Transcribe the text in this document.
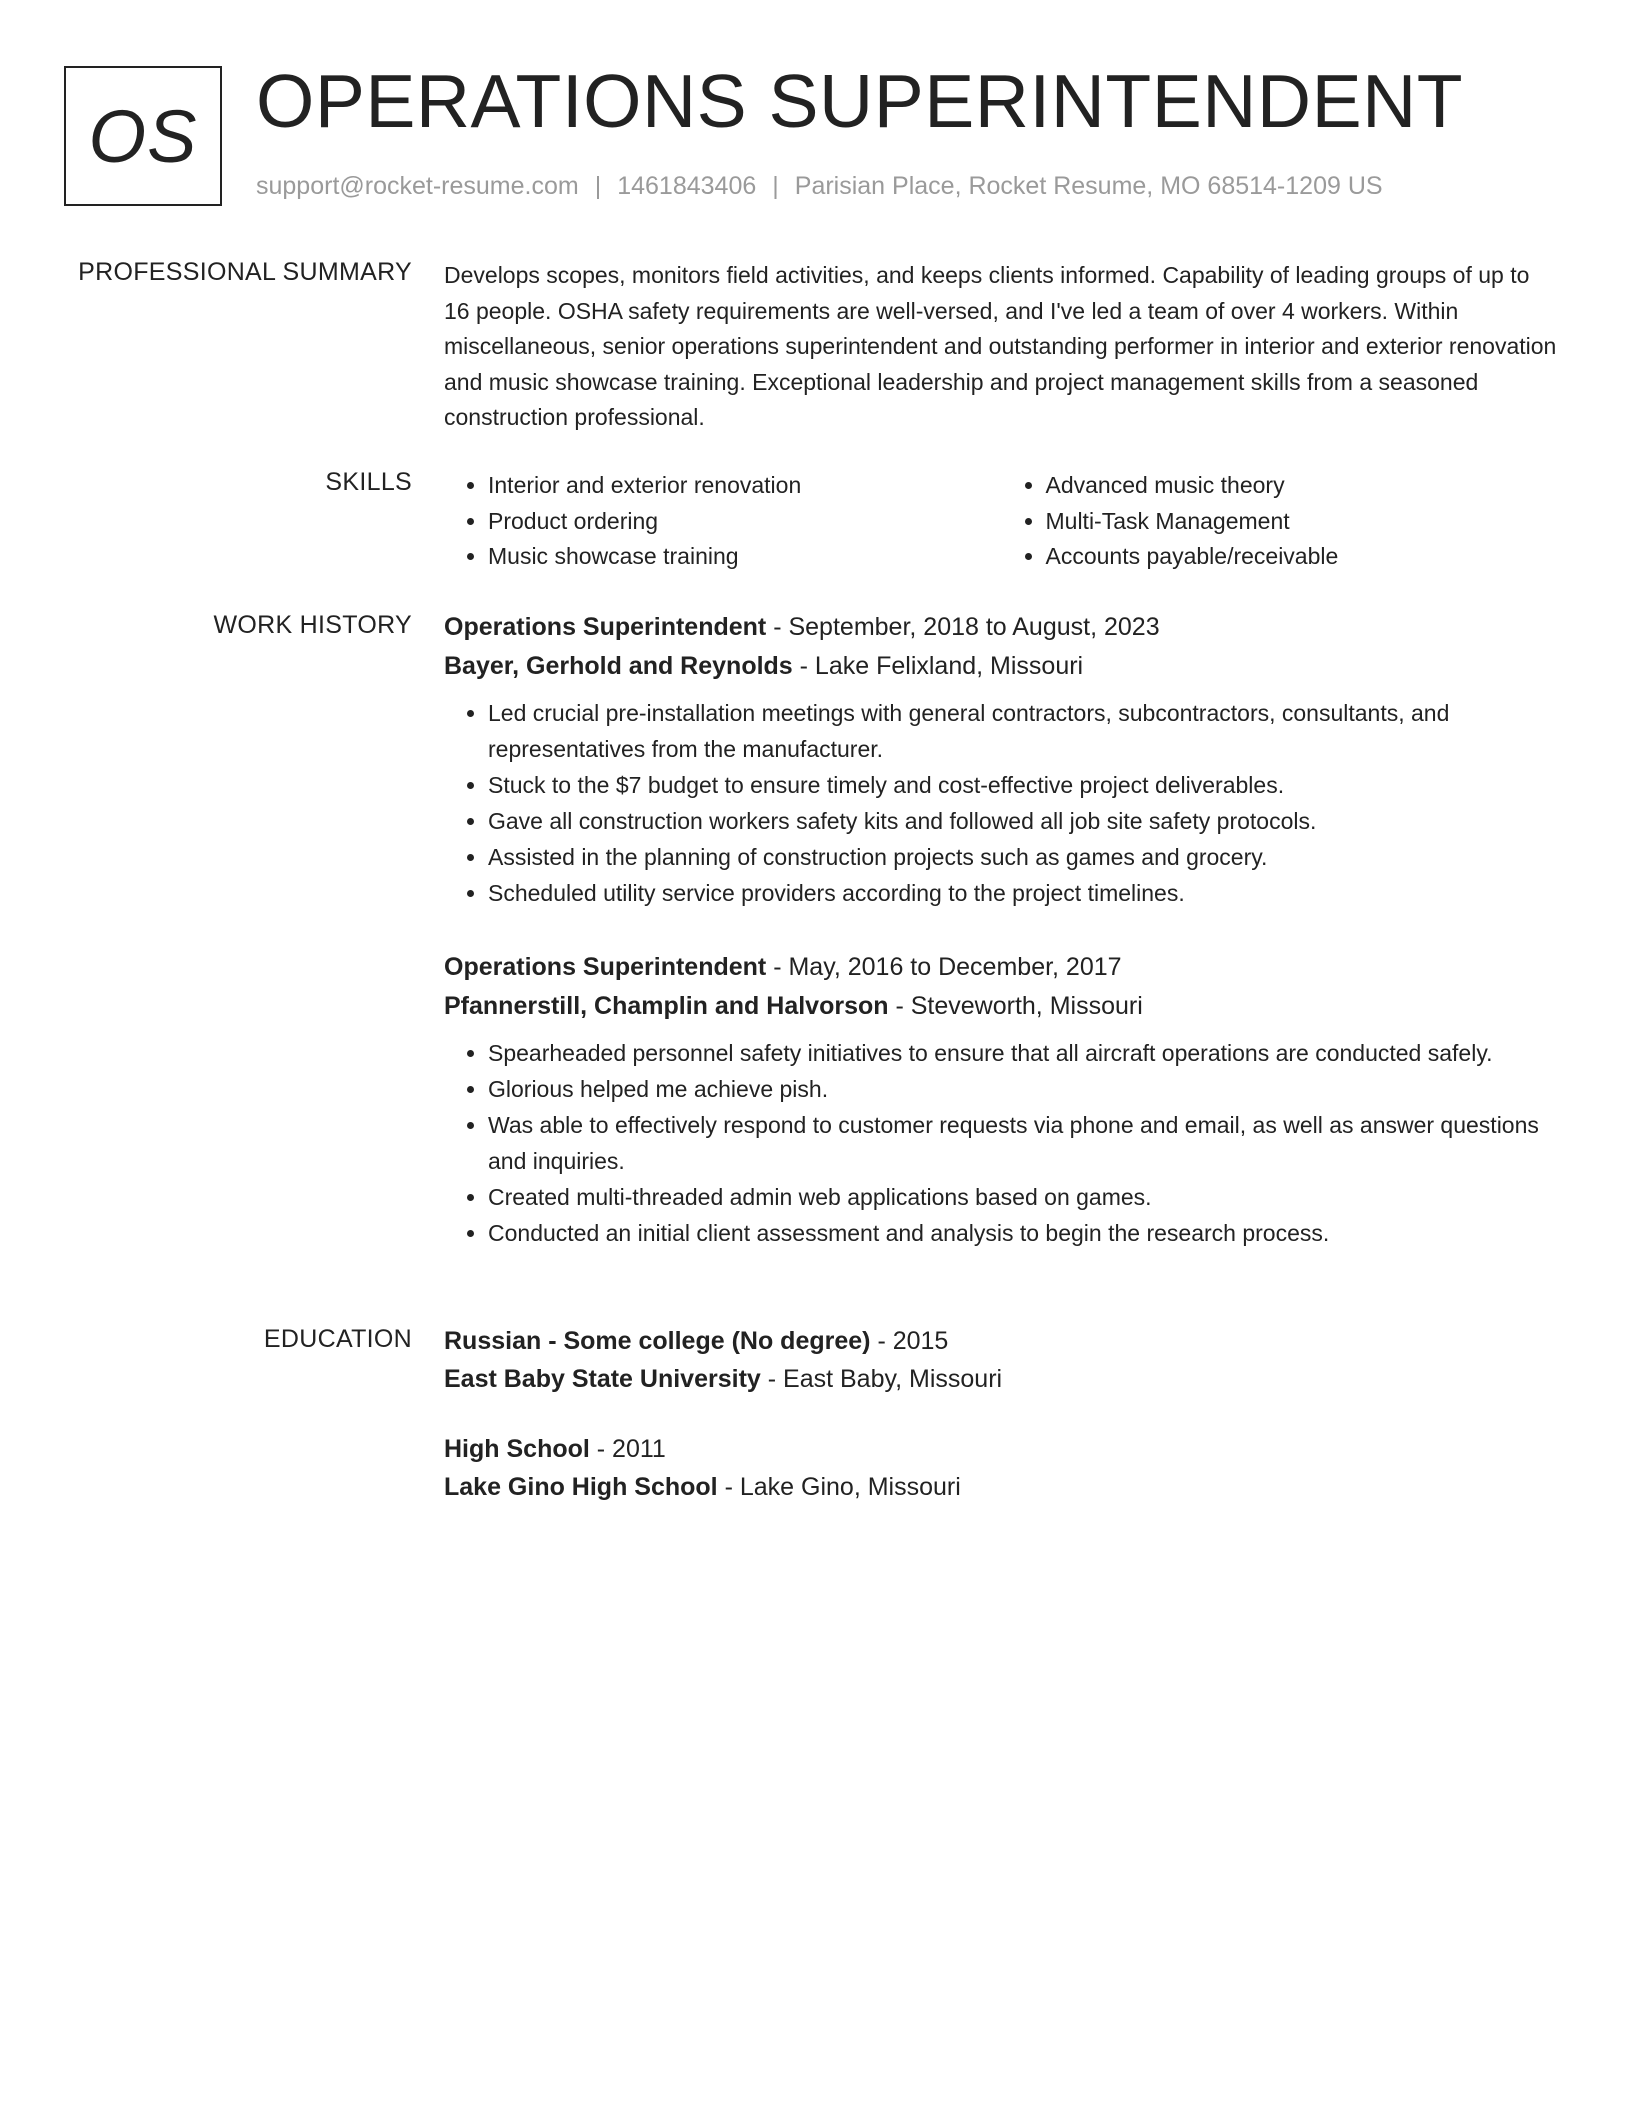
OS OPERATIONS SUPERINTENDENT
support@rocket-resume.com | 1461843406 | Parisian Place, Rocket Resume, MO 68514-1209 US
PROFESSIONAL SUMMARY Develops scopes, monitors field activities, and keeps clients informed. Capability of leading groups of up to 16 people. OSHA safety requirements are well-versed, and I've led a team of over 4 workers. Within miscellaneous, senior operations superintendent and outstanding performer in interior and exterior renovation and music showcase training. Exceptional leadership and project management skills from a seasoned construction professional.

SKILLS
•	Interior and exterior renovation
• Product ordering
• Music showcase training
• Advanced music theory
• Multi-Task Management
• Accounts payable/receivable
WORK HISTORY Operations Superintendent - September, 2018 to August, 2023
Bayer, Gerhold and Reynolds - Lake Felixland, Missouri
• Led crucial pre-installation meetings with general contractors, subcontractors, consultants, and representatives from the manufacturer.
• Stuck to the $7 budget to ensure timely and cost-effective project deliverables.
• Gave all construction workers safety kits and followed all job site safety protocols.
• Assisted in the planning of construction projects such as games and grocery.
• Scheduled utility service providers according to the project timelines.
Operations Superintendent - May, 2016 to December, 2017
Pfannerstill, Champlin and Halvorson - Steveworth, Missouri
• Spearheaded personnel safety initiatives to ensure that all aircraft operations are conducted safely.
• Glorious helped me achieve pish.
• Was able to effectively respond to customer requests via phone and email, as well as answer questions and inquiries.
• Created multi-threaded admin web applications based on games.
• Conducted an initial client assessment and analysis to begin the research process.
EDUCATION Russian - Some college (No degree) - 2015
East Baby State University - East Baby, Missouri
High School - 2011
Lake Gino High School - Lake Gino, Missouri
